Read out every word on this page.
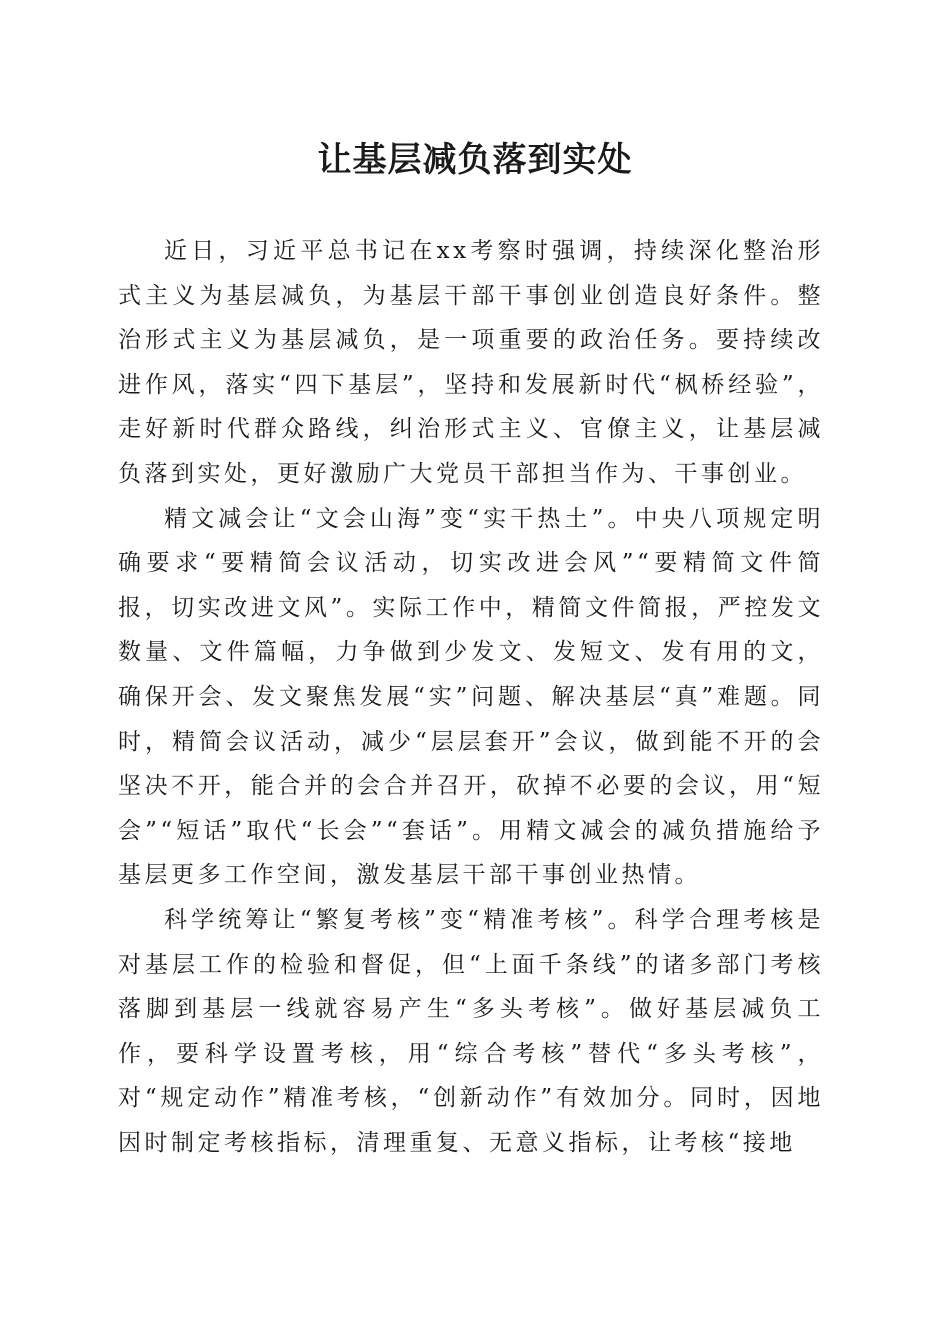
让基层减负落到实处

近日，习近平总书记在xx考察时强调，持续深化整治形式主义为基层减负，为基层干部干事创业创造良好条件。整治形式主义为基层减负，是一项重要的政治任务。要持续改进作风，落实“四下基层”，坚持和发展新时代“枫桥经验”，走好新时代群众路线，纠治形式主义、官僚主义，让基层减负落到实处，更好激励广大党员干部担当作为、干事创业。

精文减会让“文会山海”变“实干热土”。中央八项规定明确要求“要精简会议活动，切实改进会风”“要精简文件简报，切实改进文风”。实际工作中，精简文件简报，严控发文数量、文件篇幅，力争做到少发文、发短文、发有用的文，确保开会、发文聚焦发展“实”问题、解决基层“真”难题。同时，精简会议活动，减少“层层套开”会议，做到能不开的会坚决不开，能合并的会合并召开，砍掉不必要的会议，用“短会”“短话”取代“长会”“套话”。用精文减会的减负措施给予基层更多工作空间，激发基层干部干事创业热情。

科学统筹让“繁复考核”变“精准考核”。科学合理考核是对基层工作的检验和督促，但“上面千条线”的诸多部门考核落脚到基层一线就容易产生“多头考核”。做好基层减负工作，要科学设置考核，用“综合考核”替代“多头考核”，对“规定动作”精准考核，“创新动作”有效加分。同时，因地因时制定考核指标，清理重复、无意义指标，让考核“接地
